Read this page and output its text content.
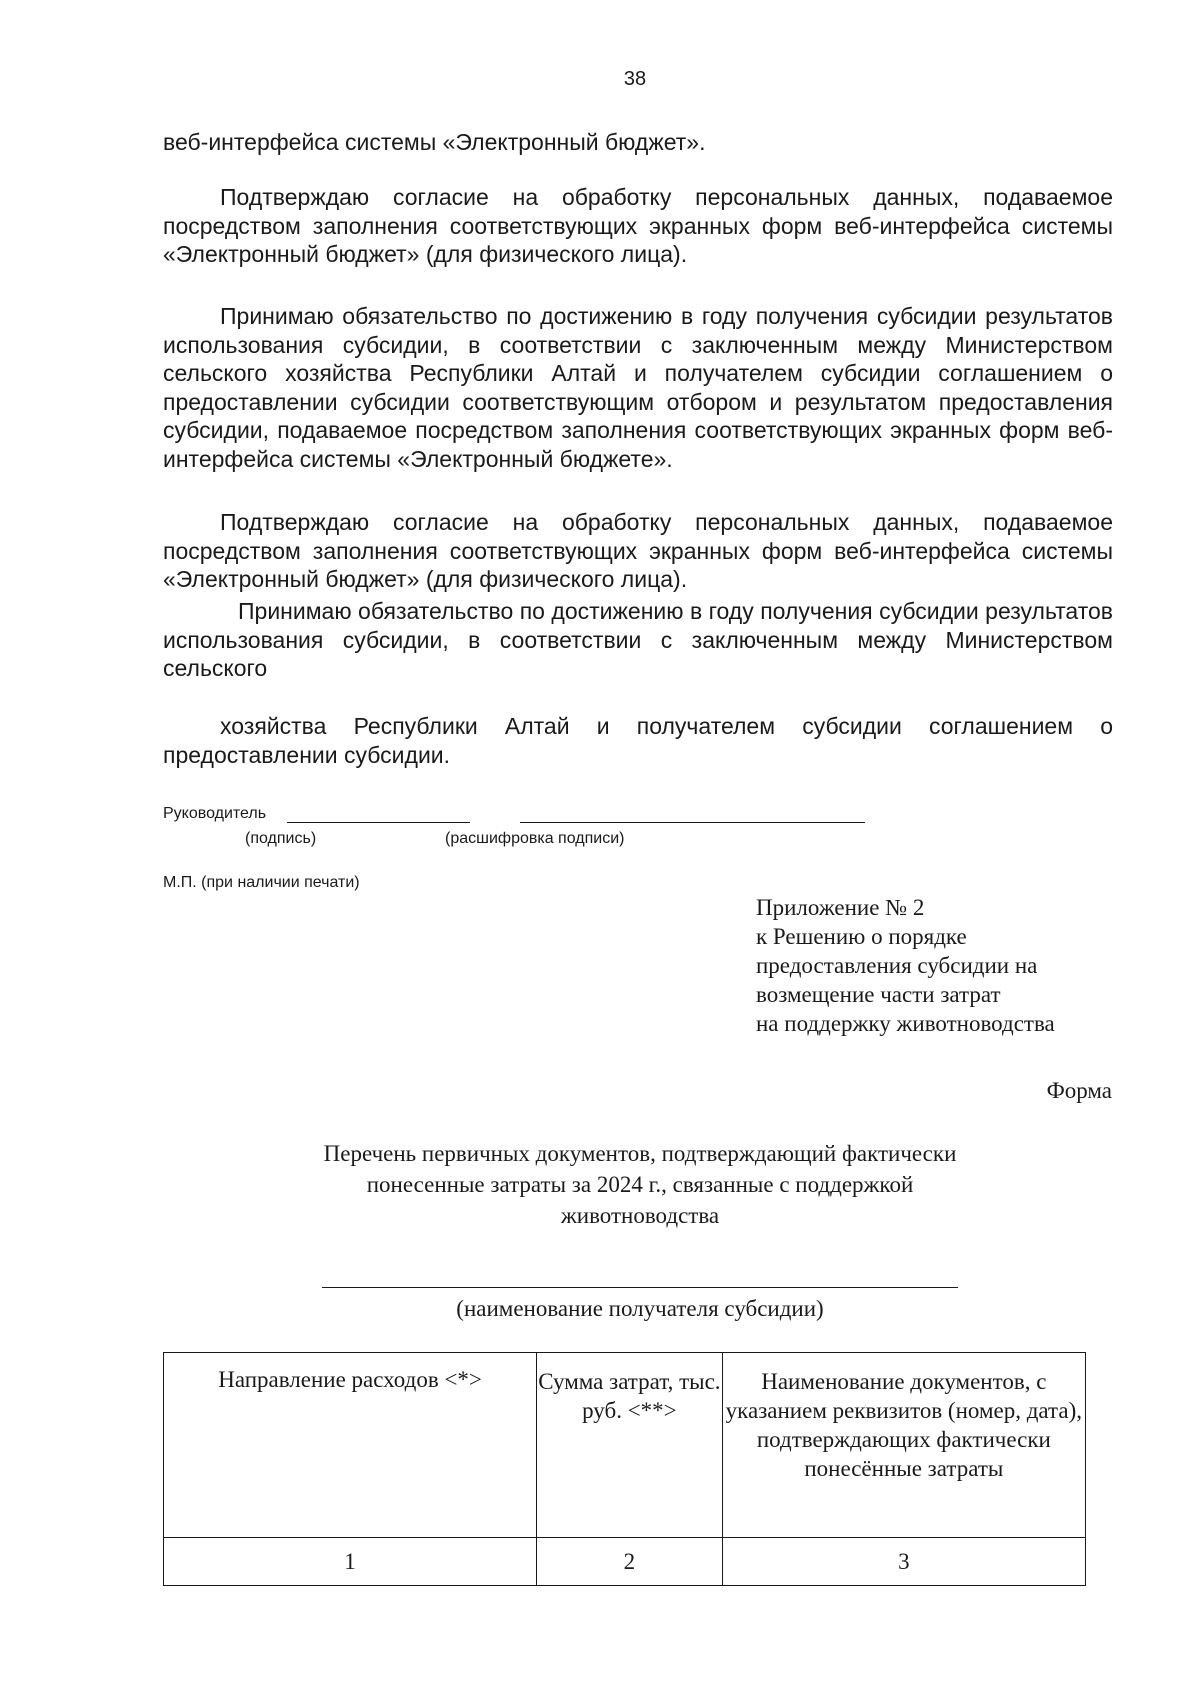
38

веб-интерфейса системы «Электронный бюджет».

Подтверждаю согласие на обработку персональных данных, подаваемое посредством заполнения соответствующих экранных форм веб-интерфейса системы «Электронный бюджет» (для физического лица).

Принимаю обязательство по достижению в году получения субсидии результатов использования субсидии, в соответствии с заключенным между Министерством сельского хозяйства Республики Алтай и получателем субсидии соглашением о предоставлении субсидии соответствующим отбором и результатом предоставления субсидии, подаваемое посредством заполнения соответствующих экранных форм веб-интерфейса системы «Электронный бюджете».

Подтверждаю согласие на обработку персональных данных, подаваемое посредством заполнения соответствующих экранных форм веб-интерфейса системы «Электронный бюджет» (для физического лица).

Принимаю обязательство по достижению в году получения субсидии результатов использования субсидии, в соответствии с заключенным между Министерством сельского

хозяйства Республики Алтай и получателем субсидии соглашением о предоставлении субсидии.

Руководитель
(подпись)	(расшифровка подписи)
М.П. (при наличии печати)
Приложение № 2
к Решению о порядке
предоставления субсидии на
возмещение части затрат
на поддержку животноводства
Форма
Перечень первичных документов, подтверждающий фактически
понесенные затраты за 2024 г., связанные с поддержкой
животноводства
(наименование получателя субсидии)
Направление расходов <*>	Сумма затрат, тыс. руб. <**>	Наименование документов, с указанием реквизитов (номер, дата), подтверждающих фактически понесённые затраты
1	2	3
